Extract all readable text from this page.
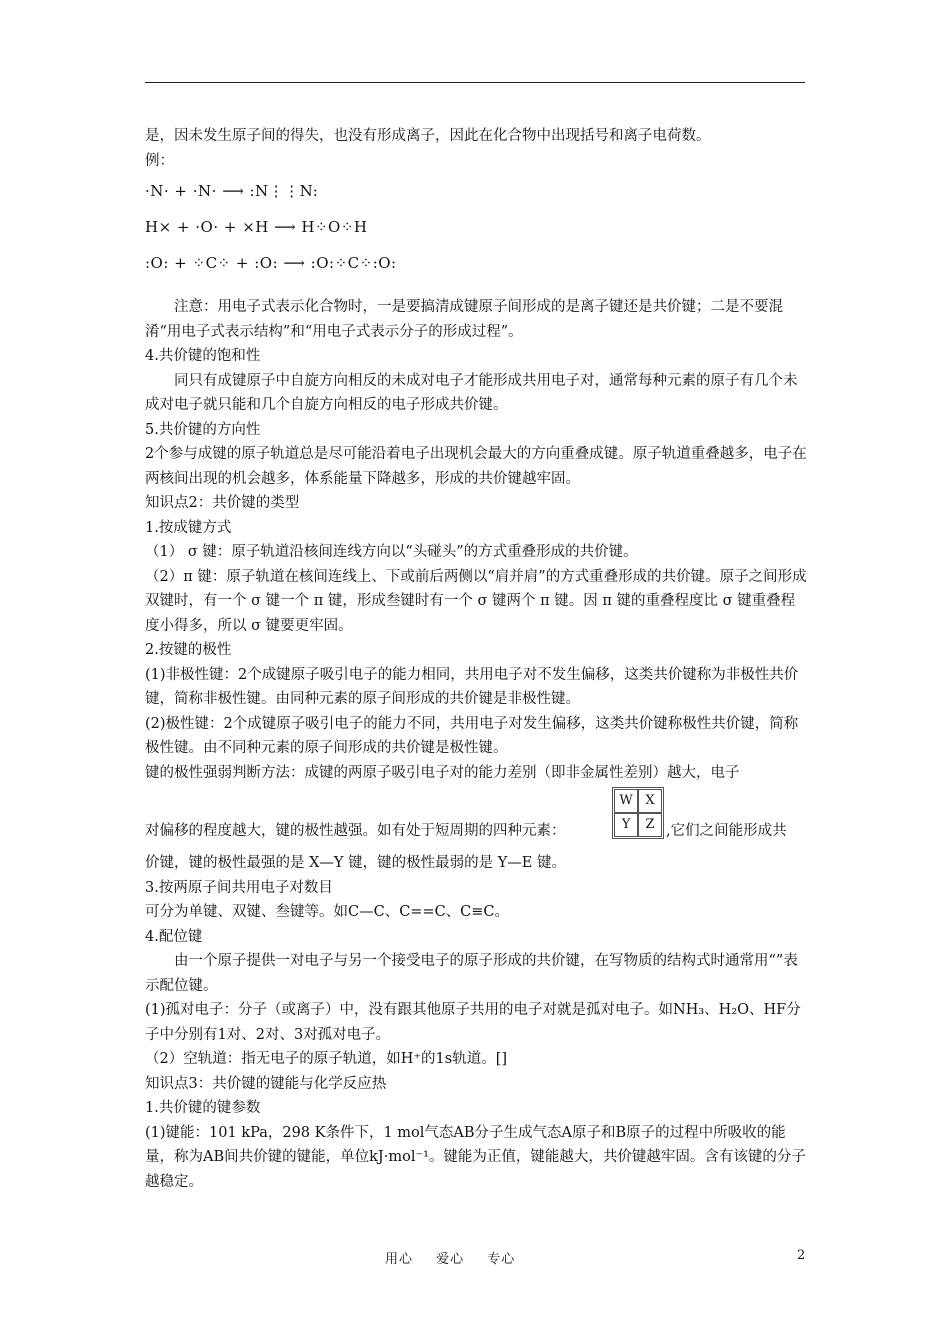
是，因未发生原子间的得失，也没有形成离子，因此在化合物中出现括号和离子电荷数。

例：

·N· + ·N· ⟶ :N⋮⋮N:

H× + ·O· + ×H ⟶ H⁘O⁘H

:O: + ⁘C⁘ + :O: ⟶ :O:⁘C⁘:O:

注意：用电子式表示化合物时，一是要搞清成键原子间形成的是离子键还是共价键；二是不要混淆“用电子式表示结构”和“用电子式表示分子的形成过程”。

4.共价键的饱和性

同只有成键原子中自旋方向相反的未成对电子才能形成共用电子对，通常每种元素的原子有几个未成对电子就只能和几个自旋方向相反的电子形成共价键。

5.共价键的方向性

2个参与成键的原子轨道总是尽可能沿着电子出现机会最大的方向重叠成键。原子轨道重叠越多，电子在两核间出现的机会越多，体系能量下降越多，形成的共价键越牢固。

知识点2：共价键的类型

1.按成键方式

（1） σ 键：原子轨道沿核间连线方向以“头碰头”的方式重叠形成的共价键。

（2）π 键：原子轨道在核间连线上、下或前后两侧以“肩并肩”的方式重叠形成的共价键。原子之间形成双键时，有一个 σ 键一个 π 键，形成叁键时有一个 σ 键两个 π 键。因 π 键的重叠程度比 σ 键重叠程度小得多，所以 σ 键要更牢固。

2.按键的极性

(1)非极性键：2个成键原子吸引电子的能力相同，共用电子对不发生偏移，这类共价键称为非极性共价键，简称非极性键。由同种元素的原子间形成的共价键是非极性键。

(2)极性键：2个成键原子吸引电子的能力不同，共用电子对发生偏移，这类共价键称极性共价键，简称极性键。由不同种元素的原子间形成的共价键是极性键。

键的极性强弱判断方法：成键的两原子吸引电子对的能力差别（即非金属性差别）越大，电子

对偏移的程度越大，键的极性越强。如有处于短周期的四种元素：
W X
Y	Z ,它们之间能形成共

价键，键的极性最强的是 X—Y 键，键的极性最弱的是 Y—E 键。

3.按两原子间共用电子对数目

可分为单键、双键、叁键等。如C—C、C==C、C≡C。

4.配位键

由一个原子提供一对电子与另一个接受电子的原子形成的共价键，在写物质的结构式时通常用“”表示配位键。

(1)孤对电子：分子（或离子）中，没有跟其他原子共用的电子对就是孤对电子。如NH₃、H₂O、HF分子中分别有1对、2对、3对孤对电子。

（2）空轨道：指无电子的原子轨道，如H⁺的1s轨道。[]

知识点3：共价键的键能与化学反应热

1.共价键的键参数

(1)键能：101 kPa，298 K条件下，1 mol气态AB分子生成气态A原子和B原子的过程中所吸收的能量，称为AB间共价键的键能，单位kJ·mol⁻¹。键能为正值，键能越大，共价键越牢固。含有该键的分子越稳定。

用心 爱心 专心	2
